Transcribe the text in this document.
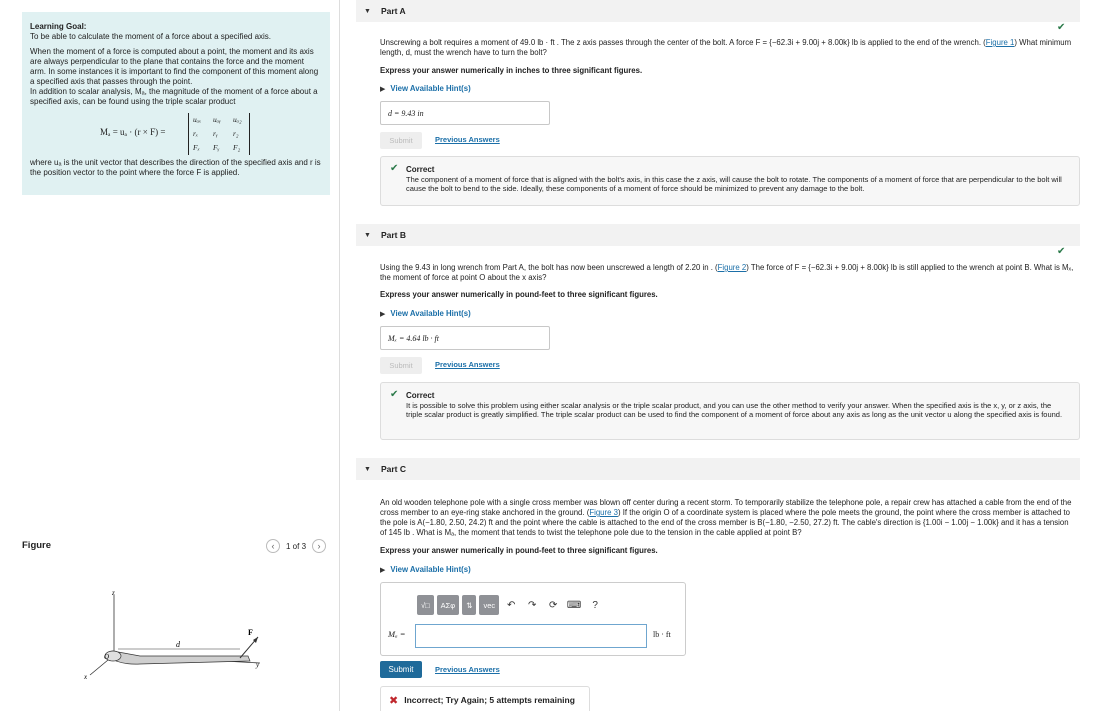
Learning Goal:

To be able to calculate the moment of a force about a specified axis.

When the moment of a force is computed about a point, the moment and its axis are always perpendicular to the plane that contains the force and the moment arm. In some instances it is important to find the component of this moment along a specified axis that passes through the point.

In addition to scalar analysis, Mₐ, the magnitude of the moment of a force about a specified axis, can be found using the triple scalar product

Mₐ = uₐ · (r × F) =
uₐₓ uₐᵧ uₐ₂
rₓ rᵧ r₂
Fₓ Fᵧ F₂

where uₐ is the unit vector that describes the direction of the specified axis and r is the position vector to the point where the force F is applied.

Figure	‹	1 of 3	›
z
d
F
O
y
x
▼ Part A
✔
Unscrewing a bolt requires a moment of 49.0 lb · ft . The z axis passes through the center of the bolt. A force F = {−62.3i + 9.00j + 8.00k} lb is applied to the end of the wrench. (Figure 1) What minimum length, d, must the wrench have to turn the bolt?
Express your answer numerically in inches to three significant figures.
▶ View Available Hint(s)
d = 9.43 in
Submit	Previous Answers
✔ Correct
The component of a moment of force that is aligned with the bolt's axis, in this case the z axis, will cause the bolt to rotate. The components of a moment of force that are perpendicular to the bolt will cause the bolt to bend to the side. Ideally, these components of a moment of force should be minimized to prevent any damage to the bolt.
▼ Part B
✔
Using the 9.43 in long wrench from Part A, the bolt has now been unscrewed a length of 2.20 in . (Figure 2) The force of F = {−62.3i + 9.00j + 8.00k} lb is still applied to the wrench at point B. What is Mₓ, the moment of force at point O about the x axis?
Express your answer numerically in pound-feet to three significant figures.
▶ View Available Hint(s)
Mₓ = 4.64 lb · ft
Submit	Previous Answers
✔ Correct
It is possible to solve this problem using either scalar analysis or the triple scalar product, and you can use the other method to verify your answer. When the specified axis is the x, y, or z axis, the triple scalar product is greatly simplified. The triple scalar product can be used to find the component of a moment of force about any axis as long as the unit vector u along the specified axis is found.
▼ Part C
An old wooden telephone pole with a single cross member was blown off center during a recent storm. To temporarily stabilize the telephone pole, a repair crew has attached a cable from the end of the cross member to an eye-ring stake anchored in the ground. (Figure 3) If the origin O of a coordinate system is placed where the pole meets the ground, the point where the cross member is attached to the pole is A(−1.80, 2.50, 24.2) ft and the point where the cable is attached to the end of the cross member is B(−1.80, −2.50, 27.2) ft. The cable's direction is {1.00i − 1.00j − 1.00k} and it has a tension of 145 lb . What is Mₐ, the moment that tends to twist the telephone pole due to the tension in the cable applied at point B?
Express your answer numerically in pound-feet to three significant figures.
▶ View Available Hint(s)
√□	AΣφ	⇅	vec	↶	↷	⟳ ⌨	?
Mₐ =	lb · ft
Submit	Previous Answers
✖ Incorrect; Try Again; 5 attempts remaining
